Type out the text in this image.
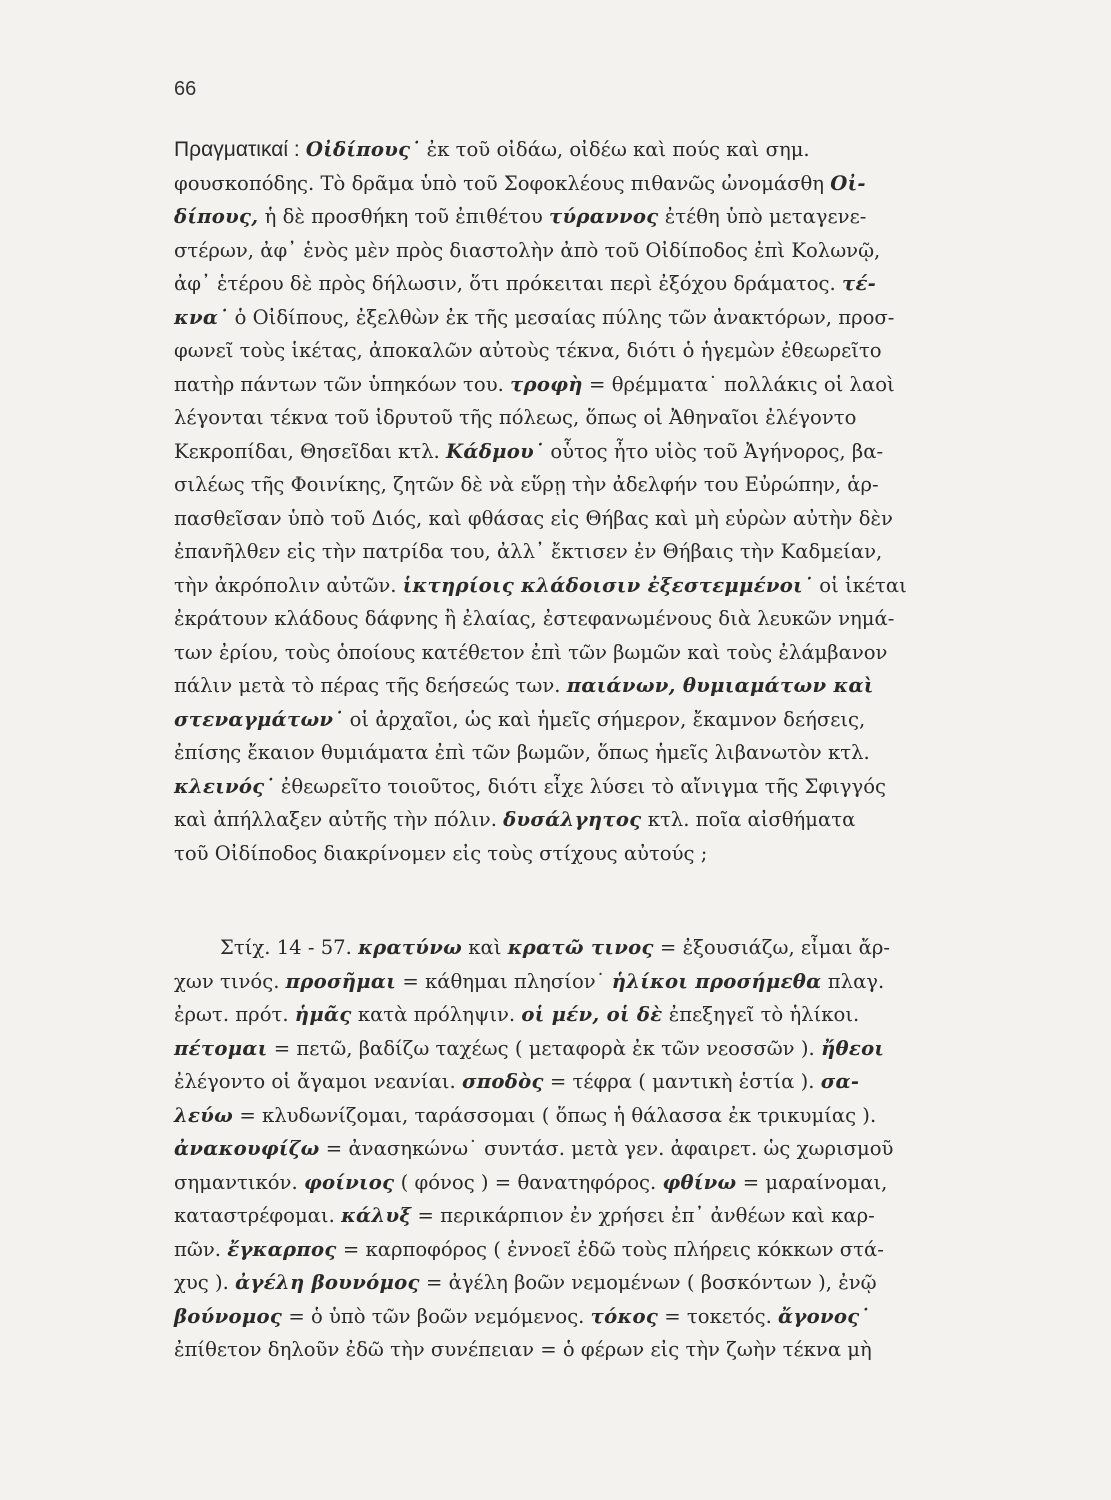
66
Πραγματικαί : Οἰδίπους˙ ἐκ τοῦ οἰδάω, οἰδέω καὶ πούς καὶ σημ.
φουσκοπόδης. Τὸ δρᾶμα ὑπὸ τοῦ Σοφοκλέους πιθανῶς ὠνομάσθη Οἰ-
δίπους, ἡ δὲ προσθήκη τοῦ ἐπιθέτου τύραννος ἐτέθη ὑπὸ μεταγενε-
στέρων, ἀφ᾽ ἑνὸς μὲν πρὸς διαστολὴν ἀπὸ τοῦ Οἰδίποδος ἐπὶ Κολωνῷ,
ἀφ᾽ ἑτέρου δὲ πρὸς δήλωσιν, ὅτι πρόκειται περὶ ἐξόχου δράματος. τέ-
κνα˙ ὁ Οἰδίπους, ἐξελθὼν ἐκ τῆς μεσαίας πύλης τῶν ἀνακτόρων, προσ-
φωνεῖ τοὺς ἱκέτας, ἀποκαλῶν αὐτοὺς τέκνα, διότι ὁ ἡγεμὼν ἐθεωρεῖτο
πατὴρ πάντων τῶν ὑπηκόων του. τροφὴ = θρέμματα˙ πολλάκις οἱ λαοὶ
λέγονται τέκνα τοῦ ἱδρυτοῦ τῆς πόλεως, ὅπως οἱ Ἀθηναῖοι ἐλέγοντο
Κεκροπίδαι, Θησεῖδαι κτλ. Κάδμου˙ οὗτος ἦτο υἱὸς τοῦ Ἀγήνορος, βα-
σιλέως τῆς Φοινίκης, ζητῶν δὲ νὰ εὕρῃ τὴν ἀδελφήν του Εὐρώπην, ἁρ-
πασθεῖσαν ὑπὸ τοῦ Διός, καὶ φθάσας εἰς Θήβας καὶ μὴ εὑρὼν αὐτὴν δὲν
ἐπανῆλθεν εἰς τὴν πατρίδα του, ἀλλ᾽ ἔκτισεν ἐν Θήβαις τὴν Καδμείαν,
τὴν ἀκρόπολιν αὐτῶν. ἱκτηρίοις κλάδοισιν ἐξεστεμμένοι˙ οἱ ἱκέται
ἐκράτουν κλάδους δάφνης ἢ ἐλαίας, ἐστεφανωμένους διὰ λευκῶν νημά-
των ἐρίου, τοὺς ὁποίους κατέθετον ἐπὶ τῶν βωμῶν καὶ τοὺς ἐλάμβανον
πάλιν μετὰ τὸ πέρας τῆς δεήσεώς των. παιάνων, θυμιαμάτων καὶ
στεναγμάτων˙ οἱ ἀρχαῖοι, ὡς καὶ ἡμεῖς σήμερον, ἔκαμνον δεήσεις,
ἐπίσης ἔκαιον θυμιάματα ἐπὶ τῶν βωμῶν, ὅπως ἡμεῖς λιβανωτὸν κτλ.
κλεινός˙ ἐθεωρεῖτο τοιοῦτος, διότι εἶχε λύσει τὸ αἴνιγμα τῆς Σφιγγός
καὶ ἀπήλλαξεν αὐτῆς τὴν πόλιν. δυσάλγητος κτλ. ποῖα αἰσθήματα
τοῦ Οἰδίποδος διακρίνομεν εἰς τοὺς στίχους αὐτούς ;
Στίχ. 14 - 57. κρατύνω καὶ κρατῶ τινος = ἐξουσιάζω, εἶμαι ἄρ-
χων τινός. προσῆμαι = κάθημαι πλησίον˙ ἡλίκοι προσήμεθα πλαγ.
ἐρωτ. πρότ. ἡμᾶς κατὰ πρόληψιν. οἱ μέν, οἱ δὲ ἐπεξηγεῖ τὸ ἡλίκοι.
πέτομαι = πετῶ, βαδίζω ταχέως ( μεταφορὰ ἐκ τῶν νεοσσῶν ). ἤθεοι
ἐλέγοντο οἱ ἄγαμοι νεανίαι. σποδὸς = τέφρα ( μαντικὴ ἑστία ). σα-
λεύω = κλυδωνίζομαι, ταράσσομαι ( ὅπως ἡ θάλασσα ἐκ τρικυμίας ).
ἀνακουφίζω = ἀνασηκώνω˙ συντάσ. μετὰ γεν. ἀφαιρετ. ὡς χωρισμοῦ
σημαντικόν. φοίνιος ( φόνος ) = θανατηφόρος. φθίνω = μαραίνομαι,
καταστρέφομαι. κάλυξ = περικάρπιον ἐν χρήσει ἐπ᾽ ἀνθέων καὶ καρ-
πῶν. ἔγκαρπος = καρποφόρος ( ἐννοεῖ ἐδῶ τοὺς πλήρεις κόκκων στά-
χυς ). ἀγέλη βουνόμος = ἀγέλη βοῶν νεμομένων ( βοσκόντων ), ἐνῷ
βούνομος = ὁ ὑπὸ τῶν βοῶν νεμόμενος. τόκος = τοκετός. ἄγονος˙
ἐπίθετον δηλοῦν ἐδῶ τὴν συνέπειαν = ὁ φέρων εἰς τὴν ζωὴν τέκνα μὴ
